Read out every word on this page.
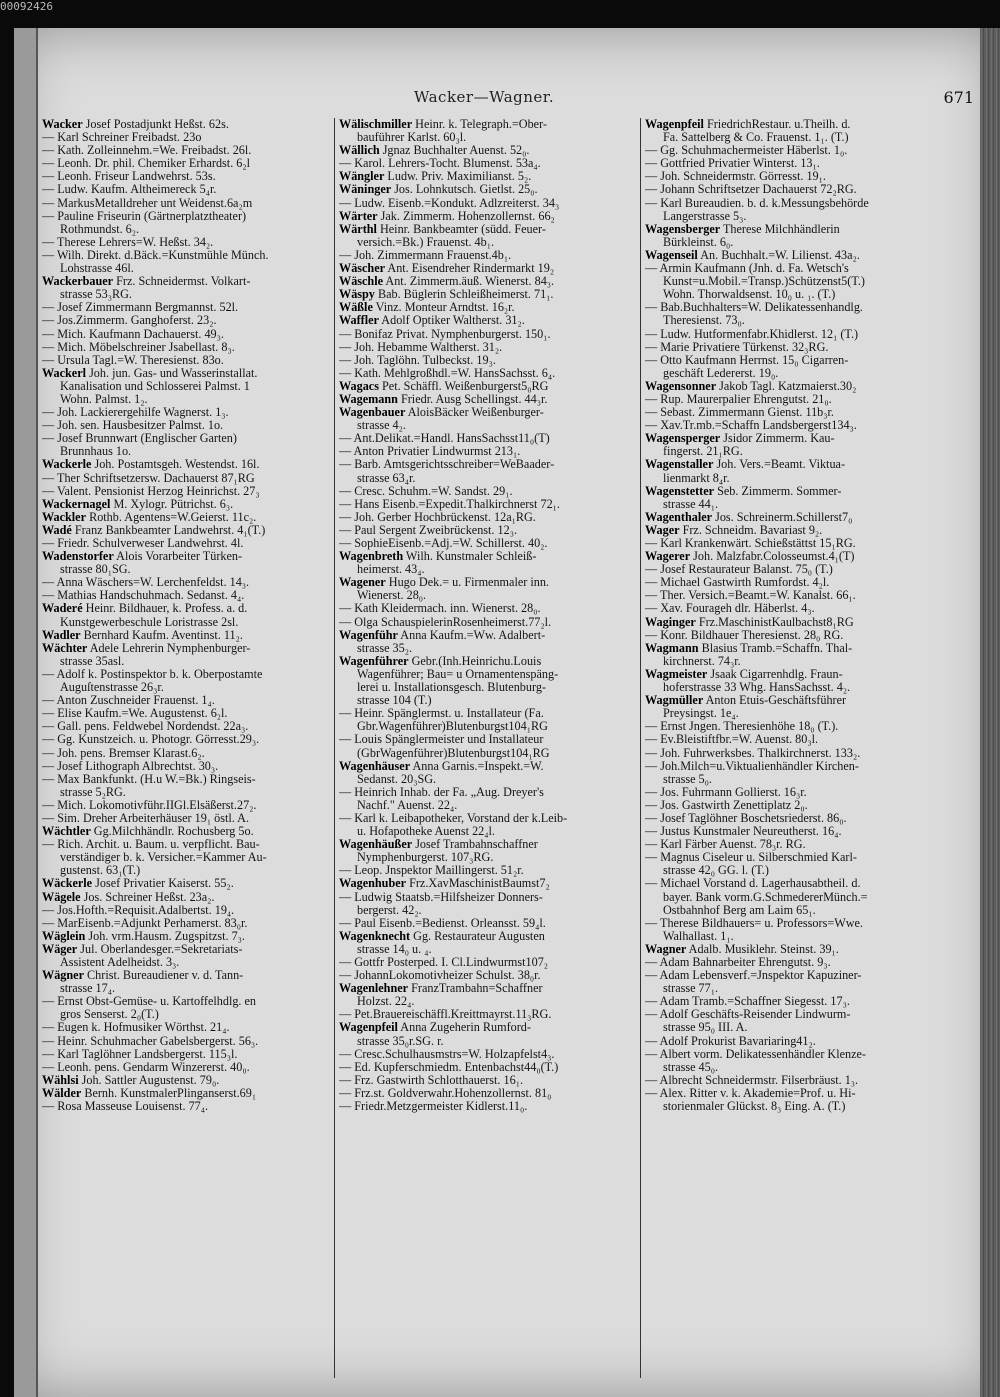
Wacker—Wagner.	671
Wacker Josef Postadjunkt Heßst. 62s.
— Karl Schreiner Freibadst. 23o
— Kath. Zolleinnehm.=We. Freibadst. 26l.
— Leonh. Dr. phil. Chemiker Erhardst. 6₂l
— Leonh. Friseur Landwehrst. 53s.
— Ludw. Kaufm. Altheimereck 5₄r.
— MarkusMetalldreher unt Weidenst.6a₂m
— Pauline Friseurin (Gärtnerplatztheater)
Rothmundst. 6₂.
— Therese Lehrers=W. Heßst. 34₂.
— Wilh. Direkt. d.Bäck.=Kunstmühle Münch.
Lohstrasse 46l.
Wackerbauer Frz. Schneidermst. Volkart-
strasse 53₃RG.
— Josef Zimmermann Bergmannst. 52l.
— Jos.Zimmerm. Ganghoferst. 23₂.
— Mich. Kaufmann Dachauerst. 49₃.
— Mich. Möbelschreiner Jsabellast. 8₃.
— Ursula Tagl.=W. Theresienst. 83o.
Wackerl Joh. jun. Gas- und Wasserinstallat.
Kanalisation und Schlosserei Palmst. 1
Wohn. Palmst. 1₂.
— Joh. Lackierergehilfe Wagnerst. 1₃.
— Joh. sen. Hausbesitzer Palmst. 1o.
— Josef Brunnwart (Englischer Garten)
Brunnhaus 1o.
Wackerle Joh. Postamtsgeh. Westendst. 16l.
— Ther Schriftsetzersw. Dachauerst 87₁RG
— Valent. Pensionist Herzog Heinrichst. 27₃
Wackernagel M. Xylogr. Pütrichst. 6₃.
Wackler Rothb. Agentens=W.Geierst. 11c₂.
Wadé Franz Bankbeamter Landwehrst. 4₁(T.)
— Friedr. Schulverweser Landwehrst. 4l.
Wadenstorfer Alois Vorarbeiter Türken-
strasse 80₁SG.
— Anna Wäschers=W. Lerchenfeldst. 14₃.
— Mathias Handschuhmach. Sedanst. 4₄.
Waderé Heinr. Bildhauer, k. Profess. a. d.
Kunstgewerbeschule Loristrasse 2sl.
Wadler Bernhard Kaufm. Aventinst. 11₂.
Wächter Adele Lehrerin Nymphenburger-
strasse 35asl.
— Adolf k. Postinspektor b. k. Oberpostamte
Auguſtenstrasse 26₃r.
— Anton Zuschneider Frauenst. 1₄.
— Elise Kaufm.=We. Augustenst. 6₂l.
— Gall. pens. Feldwebel Nordendst. 22a₃.
— Gg. Kunstzeich. u. Photogr. Görresst.29₃.
— Joh. pens. Bremser Klarast.6₂.
— Josef Lithograph Albrechtst. 30₃.
— Max Bankfunkt. (H.u W.=Bk.) Ringseis-
strasse 5₂RG.
— Mich. Lokomotivführ.IIGl.Elsäßerst.27₂.
— Sim. Dreher Arbeiterhäuser 19₁ östl. A.
Wächtler Gg.Milchhändlr. Rochusberg 5o.
— Rich. Archit. u. Baum. u. verpflicht. Bau-
verständiger b. k. Versicher.=Kammer Au-
gustenst. 63₁(T.)
Wäckerle Josef Privatier Kaiserst. 55₂.
Wägele Jos. Schreiner Heßst. 23a₂.
— Jos.Hofth.=Requisit.Adalbertst. 19₄.
— MarEisenb.=Adjunkt Perhamerst. 83₀r.
Wäglein Joh. vrm.Hausm. Zugspitzst. 7₃.
Wäger Jul. Oberlandesger.=Sekretariats-
Assistent Adelheidst. 3₃.
Wägner Christ. Bureaudiener v. d. Tann-
strasse 17₄.
— Ernst Obst-Gemüse- u. Kartoffelhdlg. en
gros Senserst. 2₀(T.)
— Eugen k. Hofmusiker Wörthst. 21₄.
— Heinr. Schuhmacher Gabelsbergerst. 56₃.
— Karl Taglöhner Landsbergerst. 115₃l.
— Leonh. pens. Gendarm Winzererst. 40₀.
Wählsi Joh. Sattler Augustenst. 79₀.
Wälder Bernh. KunstmalerPlinganserst.69₁
— Rosa Masseuse Louisenst. 77₄.
Wälischmiller Heinr. k. Telegraph.=Ober-
bauführer Karlst. 60₃l.
Wällich Jgnaz Buchhalter Auenst. 52₀.
— Karol. Lehrers-Tocht. Blumenst. 53a₄.
Wängler Ludw. Priv. Maximilianst. 5₂.
Wäninger Jos. Lohnkutsch. Gietlst. 25₀.
— Ludw. Eisenb.=Kondukt. Adlzreiterst. 34₃
Wärter Jak. Zimmerm. Hohenzollernst. 66₂
Wärthl Heinr. Bankbeamter (südd. Feuer-
versich.=Bk.) Frauenst. 4b₁.
— Joh. Zimmermann Frauenst.4b₁.
Wäscher Ant. Eisendreher Rindermarkt 19₂
Wäschle Ant. Zimmerm.äuß. Wienerst. 84₃.
Wäspy Bab. Büglerin Schleißheimerst. 71₁.
Wäßle Vinz. Monteur Arndtst. 16₂r.
Waffler Adolf Optiker Waltherst. 31₂.
— Bonifaz Privat. Nymphenburgerst. 150₁.
— Joh. Hebamme Waltherst. 31₂.
— Joh. Taglöhn. Tulbeckst. 19₃.
— Kath. Mehlgroßhdl.=W. HansSachsst. 6₄.
Wagacs Pet. Schäffl. Weißenburgerst5₀RG
Wagemann Friedr. Ausg Schellingst. 44₃r.
Wagenbauer AloisBäcker Weißenburger-
strasse 4₂.
— Ant.Delikat.=Handl. HansSachsst11₀(T)
— Anton Privatier Lindwurmst 213₁.
— Barb. Amtsgerichtsschreiber=WeBaader-
strasse 63₄r.
— Cresc. Schuhm.=W. Sandst. 29₁.
— Hans Eisenb.=Expedit.Thalkirchnerst 72₁.
— Joh. Gerber Hochbrückenst. 12a₁RG.
— Paul Sergent Zweibrückenst. 12₃.
— SophieEisenb.=Adj.=W. Schillerst. 40₂.
Wagenbreth Wilh. Kunstmaler Schleiß-
heimerst. 43₄.
Wagener Hugo Dek.= u. Firmenmaler inn.
Wienerst. 28₀.
— Kath Kleidermach. inn. Wienerst. 28₀.
— Olga SchauspielerinRosenheimerst.77₂l.
Wagenführ Anna Kaufm.=Ww. Adalbert-
strasse 35₂.
Wagenführer Gebr.(Inh.Heinrichu.Louis
Wagenführer; Bau= u Ornamentenspäng-
lerei u. Installationsgesch. Blutenburg-
strasse 104 (T.)
— Heinr. Spänglermst. u. Installateur (Fa.
Gbr.Wagenführer)Blutenburgst104₁RG
— Louis Spänglermeister und Installateur
(GbrWagenführer)Blutenburgst104₁RG
Wagenhäuser Anna Garnis.=Inspekt.=W.
Sedanst. 20₃SG.
— Heinrich Inhab. der Fa. „Aug. Dreyer's
Nachf." Auenst. 22₄.
— Karl k. Leibapotheker, Vorstand der k.Leib-
u. Hofapotheke Auenst 22₄l.
Wagenhäußer Josef Trambahnschaffner
Nymphenburgerst. 107₃RG.
— Leop. Jnspektor Maillingerst. 51₂r.
Wagenhuber Frz.XavMaschinistBaumst7₂
— Ludwig Staatsb.=Hilfsheizer Donners-
bergerst. 42₂.
— Paul Eisenb.=Bedienst. Orleansst. 59₄l.
Wagenknecht Gg. Restaurateur Augusten
strasse 14₀ u. ₄.
— Gottfr Posterped. I. Cl.Lindwurmst107₂
— JohannLokomotivheizer Schulst. 38₀r.
Wagenlehner FranzTrambahn=Schaffner
Holzst. 22₄.
— Pet.Brauereischäffl.Kreittmayrst.11₃RG.
Wagenpfeil Anna Zugeherin Rumford-
strasse 35₀r.SG. r.
— Cresc.Schulhausmstrs=W. Holzapfelst4₃.
— Ed. Kupferschmiedm. Entenbachst44₀(T.)
— Frz. Gastwirth Schlotthauerst. 16₁.
— Frz.st. Goldverwahr.Hohenzollernst. 81₀
— Friedr.Metzgermeister Kidlerst.11₀.
Wagenpfeil FriedrichRestaur. u.Theilh. d.
Fa. Sattelberg & Co. Frauenst. 1₁. (T.)
— Gg. Schuhmachermeister Häberlst. 1₀.
— Gottfried Privatier Winterst. 13₁.
— Joh. Schneidermstr. Görresst. 19₁.
— Johann Schriftsetzer Dachauerst 72₂RG.
— Karl Bureaudien. b. d. k.Messungsbehörde
Langerstrasse 5₃.
Wagensberger Therese Milchhändlerin
Bürkleinst. 6₀.
Wagenseil An. Buchhalt.=W. Lilienst. 43a₂.
— Armin Kaufmann (Jnh. d. Fa. Wetsch's
Kunst=u.Mobil.=Transp.)Schützenst5(T.)
Wohn. Thorwaldsenst. 10₀ u. ₁. (T.)
— Bab.Buchhalters=W. Delikatessenhandlg.
Theresienst. 73₀.
— Ludw. Hutformenfabr.Khidlerst. 12₁ (T.)
— Marie Privatiere Türkenst. 32₃RG.
— Otto Kaufmann Herrnst. 15₀ Cigarren-
geschäft Ledererst. 19₀.
Wagensonner Jakob Tagl. Katzmaierst.30₂
— Rup. Maurerpalier Ehrengutst. 21₀.
— Sebast. Zimmermann Gienst. 11b₃r.
— Xav.Tr.mb.=Schaffn Landsbergerst134₃.
Wagensperger Jsidor Zimmerm. Kau-
fingerst. 21₁RG.
Wagenstaller Joh. Vers.=Beamt. Viktua-
lienmarkt 8₄r.
Wagenstetter Seb. Zimmerm. Sommer-
strasse 44₁.
Wagenthaler Jos. Schreinerm.Schillerst7₀
Wager Frz. Schneidm. Bavariast 9₂.
— Karl Krankenwärt. Schießstättst 15₁RG.
Wagerer Joh. Malzfabr.Colosseumst.4₁(T)
— Josef Restaurateur Balanst. 75₀ (T.)
— Michael Gastwirth Rumfordst. 4₂l.
— Ther. Versich.=Beamt.=W. Kanalst. 66₁.
— Xav. Fourageh dlr. Häberlst. 4₃.
Waginger Frz.MaschinistKaulbachst8₁RG
— Konr. Bildhauer Theresienst. 28₀ RG.
Wagmann Blasius Tramb.=Schaffn. Thal-
kirchnerst. 74₃r.
Wagmeister Jsaak Cigarrenhdlg. Fraun-
hoferstrasse 33 Whg. HansSachsst. 4₂.
Wagmüller Anton Etuis-Geschäftsführer
Preysingst. 1e₄.
— Ernst Jngen. Theresienhöhe 18₀ (T.).
— Ev.Bleistiftfbr.=W. Auenst. 80₃l.
— Joh. Fuhrwerksbes. Thalkirchnerst. 133₂.
— Joh.Milch=u.Viktualienhändler Kirchen-
strasse 5₀.
— Jos. Fuhrmann Gollierst. 16₃r.
— Jos. Gastwirth Zenettiplatz 2₀.
— Josef Taglöhner Boschetsriederst. 86₀.
— Justus Kunstmaler Neureutherst. 16₄.
— Karl Färber Auenst. 78₃r. RG.
— Magnus Ciseleur u. Silberschmied Karl-
strasse 42₀ GG. l. (T.)
— Michael Vorstand d. Lagerhausabtheil. d.
bayer. Bank vorm.G.SchmedererMünch.=
Ostbahnhof Berg am Laim 65₁.
— Therese Bildhauers= u. Professors=Wwe.
Walhallast. 1₁.
Wagner Adalb. Musiklehr. Steinst. 39₁.
— Adam Bahnarbeiter Ehrengutst. 9₃.
— Adam Lebensverf.=Jnspektor Kapuziner-
strasse 77₁.
— Adam Tramb.=Schaffner Siegesst. 17₃.
— Adolf Geschäfts-Reisender Lindwurm-
strasse 95₀ III. A.
— Adolf Prokurist Bavariaring41₂.
— Albert vorm. Delikatessenhändler Klenze-
strasse 45₀.
— Albrecht Schneidermstr. Filserbräust. 1₃.
— Alex. Ritter v. k. Akademie=Prof. u. Hi-
storienmaler Glückst. 8₃ Eing. A. (T.)
00092426
